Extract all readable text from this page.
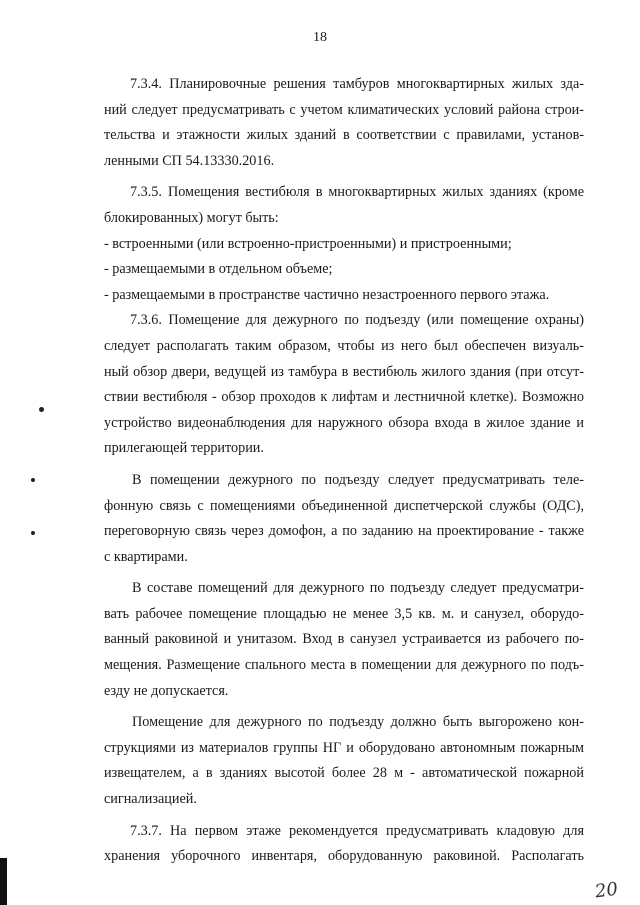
18
7.3.4. Планировочные решения тамбуров многоквартирных жилых зда-
ний следует предусматривать с учетом климатических условий района строи-
тельства и этажности жилых зданий в соответствии с правилами, установ-
ленными СП 54.13330.2016.
7.3.5. Помещения вестибюля в многоквартирных жилых зданиях (кроме
блокированных) могут быть:
- встроенными (или встроенно-пристроенными) и пристроенными;
- размещаемыми в отдельном объеме;
- размещаемыми в пространстве частично незастроенного первого этажа.
7.3.6. Помещение для дежурного по подъезду (или помещение охраны)
следует располагать таким образом, чтобы из него был обеспечен визуаль-
ный обзор двери, ведущей из тамбура в вестибюль жилого здания (при отсут-
ствии вестибюля - обзор проходов к лифтам и лестничной клетке). Возможно
устройство видеонаблюдения для наружного обзора входа в жилое здание и
прилегающей территории.
В помещении дежурного по подъезду следует предусматривать теле-
фонную связь с помещениями объединенной диспетчерской службы (ОДС),
переговорную связь через домофон, а по заданию на проектирование - также
с квартирами.
В составе помещений для дежурного по подъезду следует предусматри-
вать рабочее помещение площадью не менее 3,5 кв. м. и санузел, оборудо-
ванный раковиной и унитазом. Вход в санузел устраивается из рабочего по-
мещения. Размещение спального места в помещении для дежурного по подъ-
езду не допускается.
Помещение для дежурного по подъезду должно быть выгорожено кон-
струкциями из материалов группы НГ и оборудовано автономным пожарным
извещателем, а в зданиях высотой более 28 м - автоматической пожарной
сигнализацией.
7.3.7. На первом этаже рекомендуется предусматривать кладовую для
хранения уборочного инвентаря, оборудованную раковиной. Располагать
20
